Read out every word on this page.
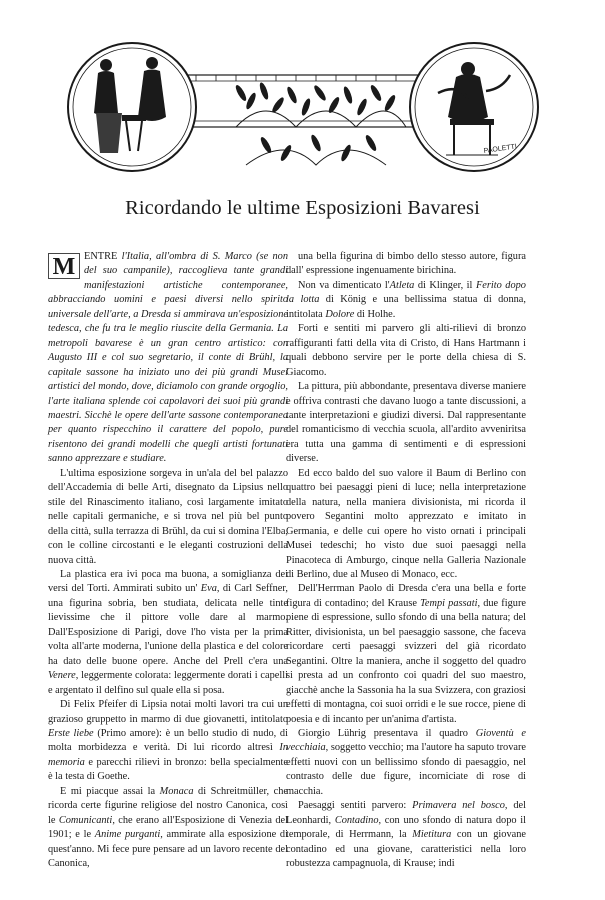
PAOLETTI
Ricordando le ultime Esposizioni Bavaresi
M ENTRE l'Italia, all'ombra di S. Marco (se non del suo campanile), raccoglieva tante grandi manifestazioni artistiche contemporanee, abbracciando uomini e paesi diversi nello spirito universale dell'arte, a Dresda si ammirava un'esposizione tedesca, che fu tra le meglio riuscite della Germania. La metropoli bavarese è un gran centro artistico: con Augusto III e col suo segretario, il conte di Brühl, la capitale sassone ha iniziato uno dei più grandi Musei artistici del mondo, dove, diciamolo con grande orgoglio, l'arte italiana splende coi capolavori dei suoi più grandi maestri. Sicchè le opere dell'arte sassone contemporanea per quanto rispecchino il carattere del popolo, pure risentono dei grandi modelli che quegli artisti fortunati sanno apprezzare e studiare.

L'ultima esposizione sorgeva in un'ala del bel palazzo dell'Accademia di belle Arti, disegnato da Lipsius nello stile del Rinascimento italiano, così largamente imitato nelle capitali germaniche, e si trova nel più bel punto della città, sulla terrazza di Brühl, da cui si domina l'Elba, con le colline circostanti e le eleganti costruzioni della nuova città.

La plastica era ivi poca ma buona, a somiglianza dei versi del Torti. Ammirati subito un' Eva, di Carl Seffner, una figurina sobria, ben studiata, delicata nelle tinte lievissime che il pittore volle dare al marmo. Dall'Esposizione di Parigi, dove l'ho vista per la prima volta all'arte moderna, l'unione della plastica e del colore ha dato delle buone opere. Anche del Prell c'era una Venere, leggermente colorata: leggermente dorati i capelli e argentato il delfino sul quale ella si posa.

Di Felix Pfeifer di Lipsia notai molti lavori tra cui un grazioso gruppetto in marmo di due giovanetti, intitolato Erste liebe (Primo amore): è un bello studio di nudo, di molta morbidezza e verità. Di lui ricordo altresì In memoria e parecchi rilievi in bronzo: bella specialmente è la testa di Goethe.

E mi piacque assai la Monaca di Schreitmüller, che ricorda certe figurine religiose del nostro Canonica, così le Comunicanti, che erano all'Esposizione di Venezia del 1901; e le Anime purganti, ammirate alla esposizione di quest'anno. Mi fece pure pensare ad un lavoro recente del Canonica,

una bella figurina di bimbo dello stesso autore, figura dall' espressione ingenuamente birichina.

Non va dimenticato l'Atleta di Klinger, il Ferito dopo la lotta di König e una bellissima statua di donna, intitolata Dolore di Holhe.

Forti e sentiti mi parvero gli alti-rilievi di bronzo raffiguranti fatti della vita di Cristo, di Hans Hartmann i quali debbono servire per le porte della chiesa di S. Giacomo.

La pittura, più abbondante, presentava diverse maniere e offriva contrasti che davano luogo a tante discussioni, a tante interpretazioni e giudizi diversi. Dal rappresentante del romanticismo di vecchia scuola, all'ardito avveniritsa era tutta una gamma di sentimenti e di espressioni diverse.

Ed ecco baldo del suo valore il Baum di Berlino con quattro bei paesaggi pieni di luce; nella interpretazione della natura, nella maniera divisionista, mi ricorda il povero Segantini molto apprezzato e imitato in Germania, e delle cui opere ho visto ornati i principali Musei tedeschi; ho visto due suoi paesaggi nella Pinacoteca di Amburgo, cinque nella Galleria Nazionale di Berlino, due al Museo di Monaco, ecc.

Dell'Herrman Paolo di Dresda c'era una bella e forte figura di contadino; del Krause Tempi passati, due figure piene di espressione, sullo sfondo di una bella natura; del Ritter, divisionista, un bel paesaggio sassone, che faceva ricordare certi paesaggi svizzeri del già ricordato Segantini. Oltre la maniera, anche il soggetto del quadro si presta ad un confronto coi quadri del suo maestro, giacchè anche la Sassonia ha la sua Svizzera, con graziosi effetti di montagna, coi suoi orridi e le sue rocce, piene di poesia e di incanto per un'anima d'artista.

Giorgio Lührig presentava il quadro Gioventù e vecchiaia, soggetto vecchio; ma l'autore ha saputo trovare effetti nuovi con un bellissimo sfondo di paesaggio, nel contrasto delle due figure, incorniciate di rose di macchia.

Paesaggi sentiti parvero: Primavera nel bosco, del Leonhardi, Contadino, con uno sfondo di natura dopo il temporale, di Herrmann, la Mietitura con un giovane contadino ed una giovane, caratteristici nella loro robustezza campagnuola, di Krause; indi
